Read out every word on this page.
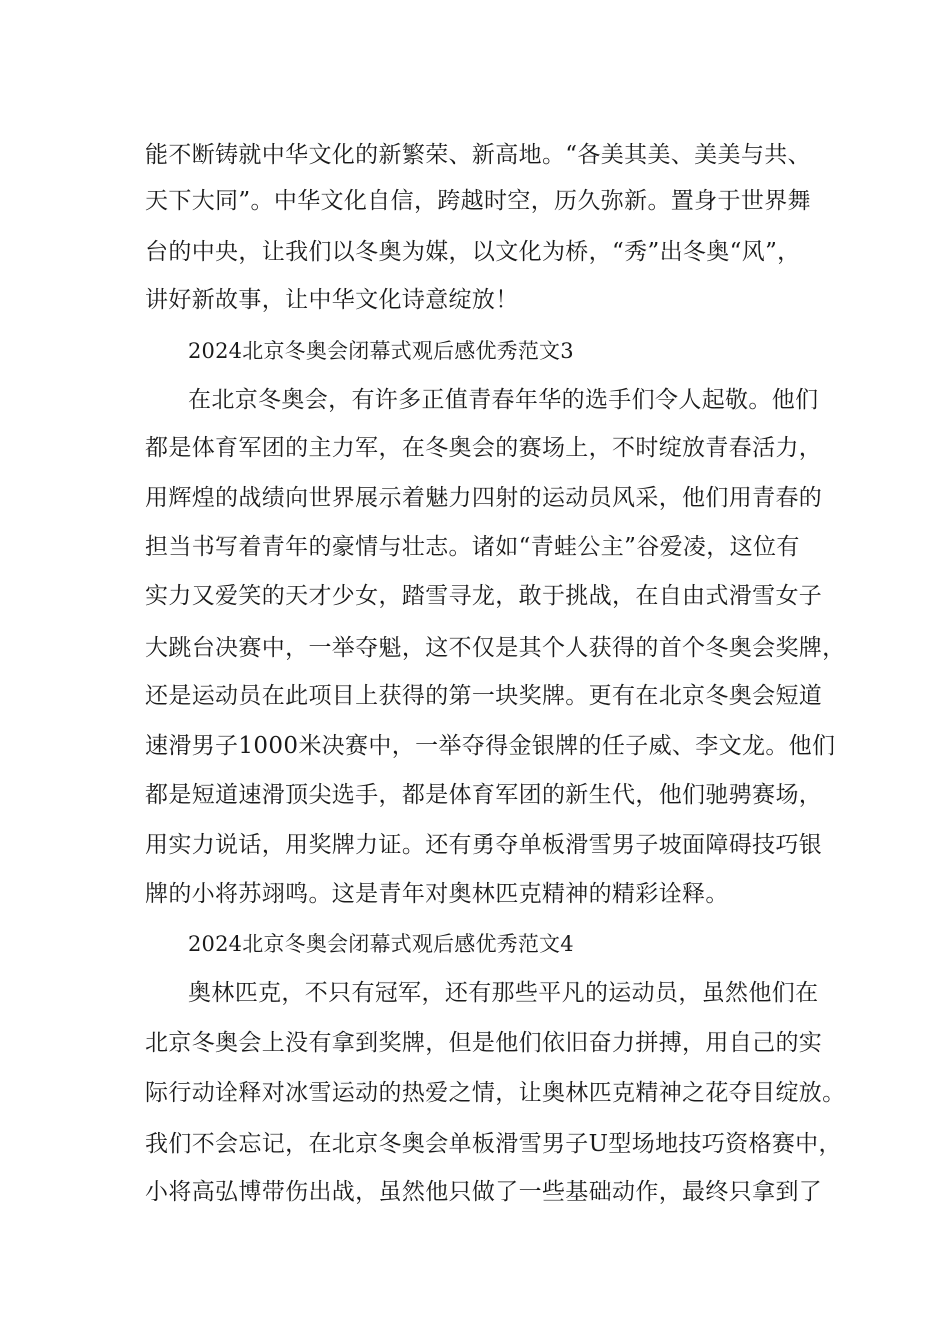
能不断铸就中华文化的新繁荣、新高地。“各美其美、美美与共、
天下大同”。中华文化自信，跨越时空，历久弥新。置身于世界舞
台的中央，让我们以冬奥为媒，以文化为桥，“秀”出冬奥“风”，
讲好新故事，让中华文化诗意绽放！
2024北京冬奥会闭幕式观后感优秀范文3
在北京冬奥会，有许多正值青春年华的选手们令人起敬。他们
都是体育军团的主力军，在冬奥会的赛场上，不时绽放青春活力，
用辉煌的战绩向世界展示着魅力四射的运动员风采，他们用青春的
担当书写着青年的豪情与壮志。诸如“青蛙公主”谷爱凌，这位有
实力又爱笑的天才少女，踏雪寻龙，敢于挑战，在自由式滑雪女子
大跳台决赛中，一举夺魁，这不仅是其个人获得的首个冬奥会奖牌，
还是运动员在此项目上获得的第一块奖牌。更有在北京冬奥会短道
速滑男子1000米决赛中，一举夺得金银牌的任子威、李文龙。他们
都是短道速滑顶尖选手，都是体育军团的新生代，他们驰骋赛场，
用实力说话，用奖牌力证。还有勇夺单板滑雪男子坡面障碍技巧银
牌的小将苏翊鸣。这是青年对奥林匹克精神的精彩诠释。
2024北京冬奥会闭幕式观后感优秀范文4
奥林匹克，不只有冠军，还有那些平凡的运动员，虽然他们在
北京冬奥会上没有拿到奖牌，但是他们依旧奋力拼搏，用自己的实
际行动诠释对冰雪运动的热爱之情，让奥林匹克精神之花夺目绽放。
我们不会忘记，在北京冬奥会单板滑雪男子U型场地技巧资格赛中，
小将高弘博带伤出战，虽然他只做了一些基础动作，最终只拿到了
